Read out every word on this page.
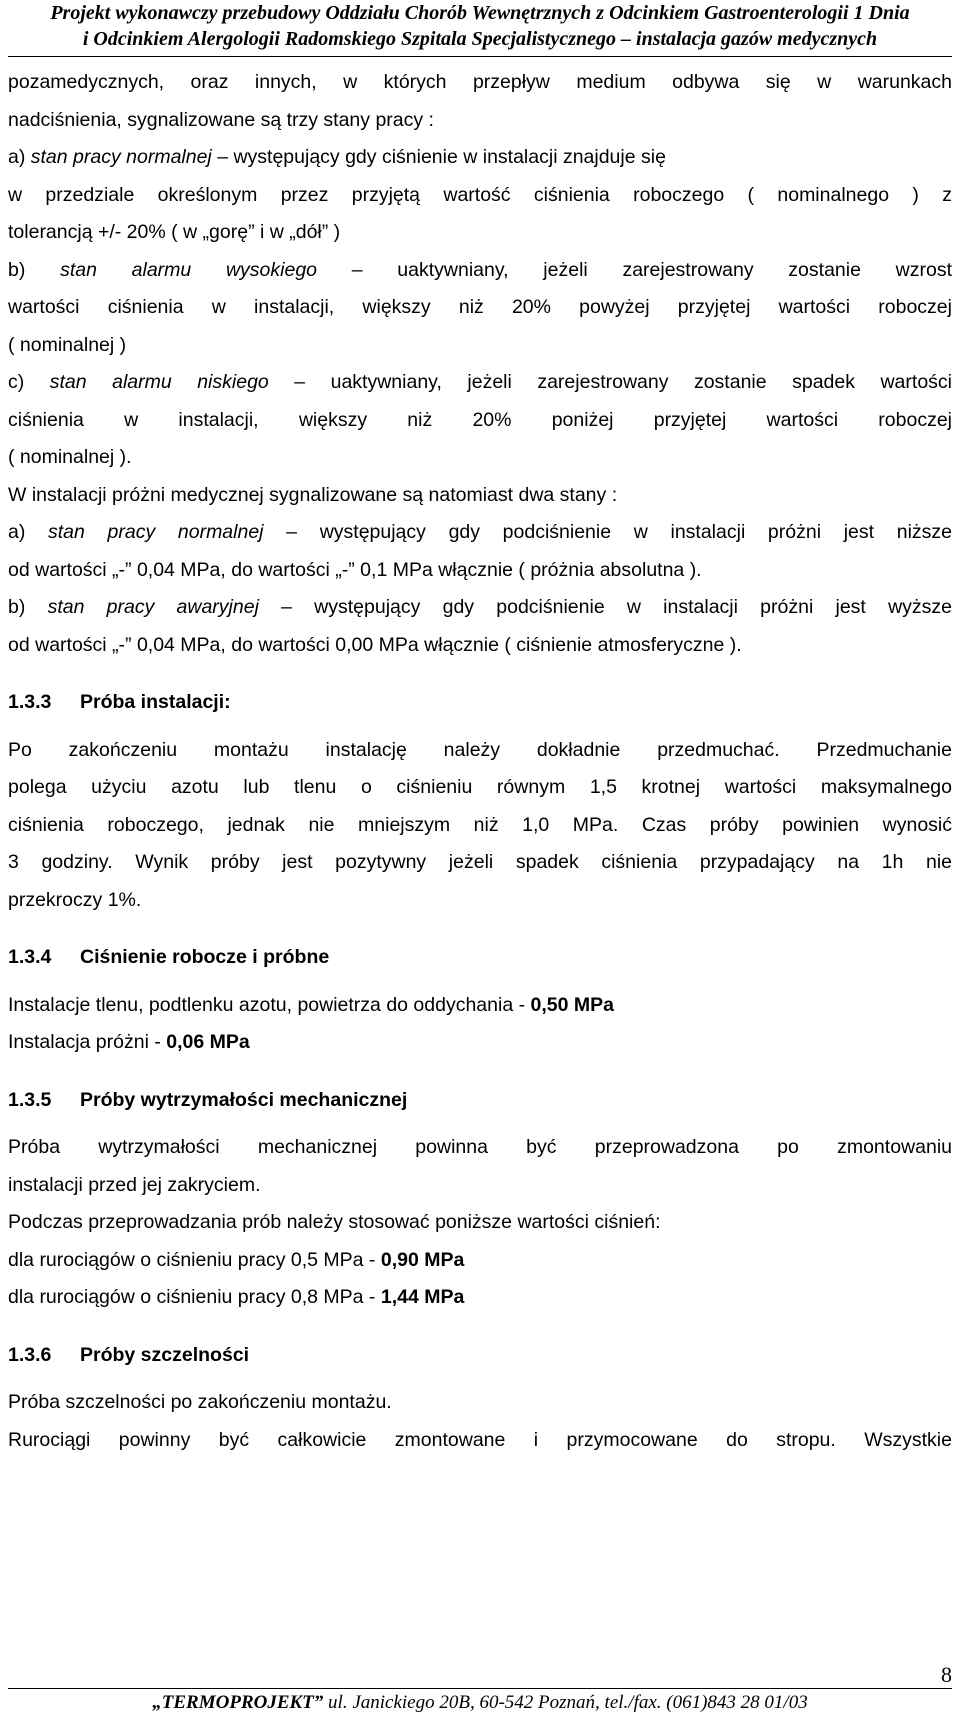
Projekt wykonawczy przebudowy Oddziału Chorób Wewnętrznych z Odcinkiem Gastroenterologii 1 Dnia
i Odcinkiem Alergologii Radomskiego Szpitala Specjalistycznego – instalacja gazów medycznych

pozamedycznych, oraz innych, w których przepływ medium odbywa się w warunkach

nadciśnienia, sygnalizowane są trzy stany pracy :

a) stan pracy normalnej – występujący gdy ciśnienie w instalacji znajduje się

w przedziale określonym przez przyjętą wartość ciśnienia roboczego ( nominalnego ) z

tolerancją +/- 20% ( w „gorę” i w „dół” )

b) stan alarmu wysokiego – uaktywniany, jeżeli zarejestrowany zostanie wzrost

wartości ciśnienia w instalacji, większy niż 20% powyżej przyjętej wartości roboczej

( nominalnej )

c) stan alarmu niskiego – uaktywniany, jeżeli zarejestrowany zostanie spadek wartości

ciśnienia w instalacji, większy niż 20% poniżej przyjętej wartości roboczej

( nominalnej ).

W instalacji próżni medycznej sygnalizowane są natomiast dwa stany :

a) stan pracy normalnej – występujący gdy podciśnienie w instalacji próżni jest niższe

od wartości „-” 0,04 MPa, do wartości „-” 0,1 MPa włącznie ( próżnia absolutna ).

b) stan pracy awaryjnej – występujący gdy podciśnienie w instalacji próżni jest wyższe

od wartości „-” 0,04 MPa, do wartości 0,00 MPa włącznie ( ciśnienie atmosferyczne ).

1.3.3 Próba instalacji:

Po zakończeniu montażu instalację należy dokładnie przedmuchać. Przedmuchanie

polega użyciu azotu lub tlenu o ciśnieniu równym 1,5 krotnej wartości maksymalnego

ciśnienia roboczego, jednak nie mniejszym niż 1,0 MPa. Czas próby powinien wynosić

3 godziny. Wynik próby jest pozytywny jeżeli spadek ciśnienia przypadający na 1h nie

przekroczy 1%.

1.3.4 Ciśnienie robocze i próbne

Instalacje tlenu, podtlenku azotu, powietrza do oddychania - 0,50 MPa

Instalacja próżni - 0,06 MPa

1.3.5 Próby wytrzymałości mechanicznej

Próba wytrzymałości mechanicznej powinna być przeprowadzona po zmontowaniu

instalacji przed jej zakryciem.

Podczas przeprowadzania prób należy stosować poniższe wartości ciśnień:

dla rurociągów o ciśnieniu pracy 0,5 MPa - 0,90 MPa

dla rurociągów o ciśnieniu pracy 0,8 MPa - 1,44 MPa

1.3.6 Próby szczelności

Próba szczelności po zakończeniu montażu.

Rurociągi powinny być całkowicie zmontowane i przymocowane do stropu. Wszystkie

8
„TERMOPROJEKT” ul. Janickiego 20B, 60-542 Poznań, tel./fax. (061)843 28 01/03
